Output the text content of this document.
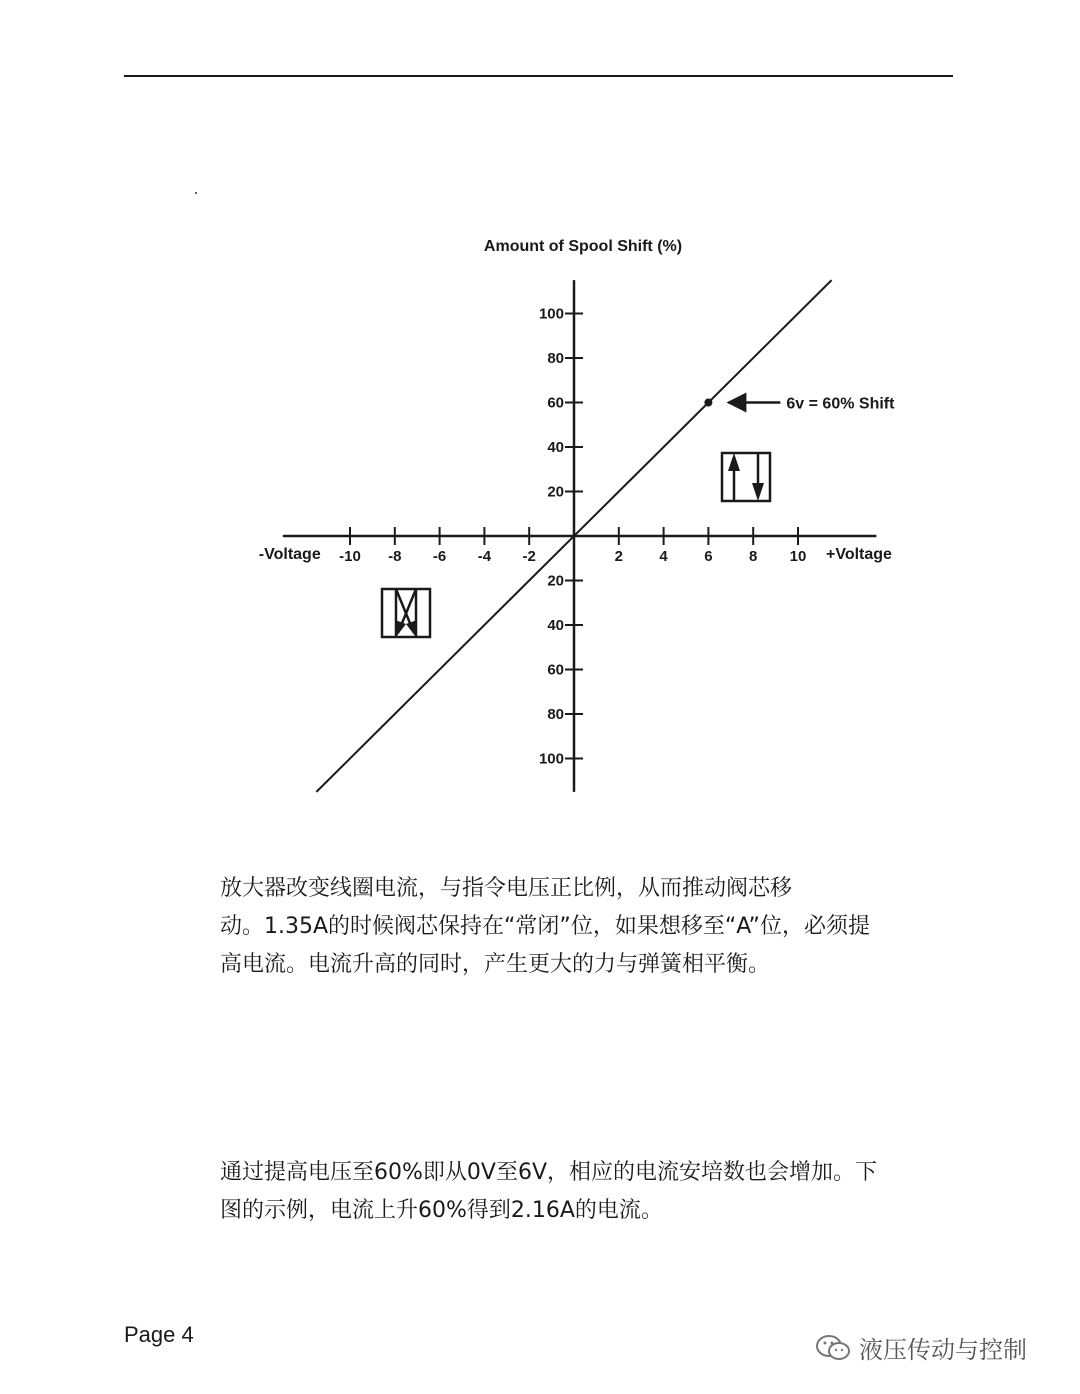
Amount of Spool Shift (%)
-10 -8 -6 -4 -2	2 4 6 8 10
100
80
60
40
20
20
40
60
80
100
-Voltage	+Voltage
6v = 60% Shift

放大器改变线圈电流，与指令电压正比例，从而推动阀芯移
动。1.35A的时候阀芯保持在“常闭”位，如果想移至“A”位，必须提
高电流。电流升高的同时，产生更大的力与弹簧相平衡。

通过提高电压至60%即从0V至6V，相应的电流安培数也会增加。下
图的示例，电流上升60%得到2.16A的电流。

Page 4
液压传动与控制
